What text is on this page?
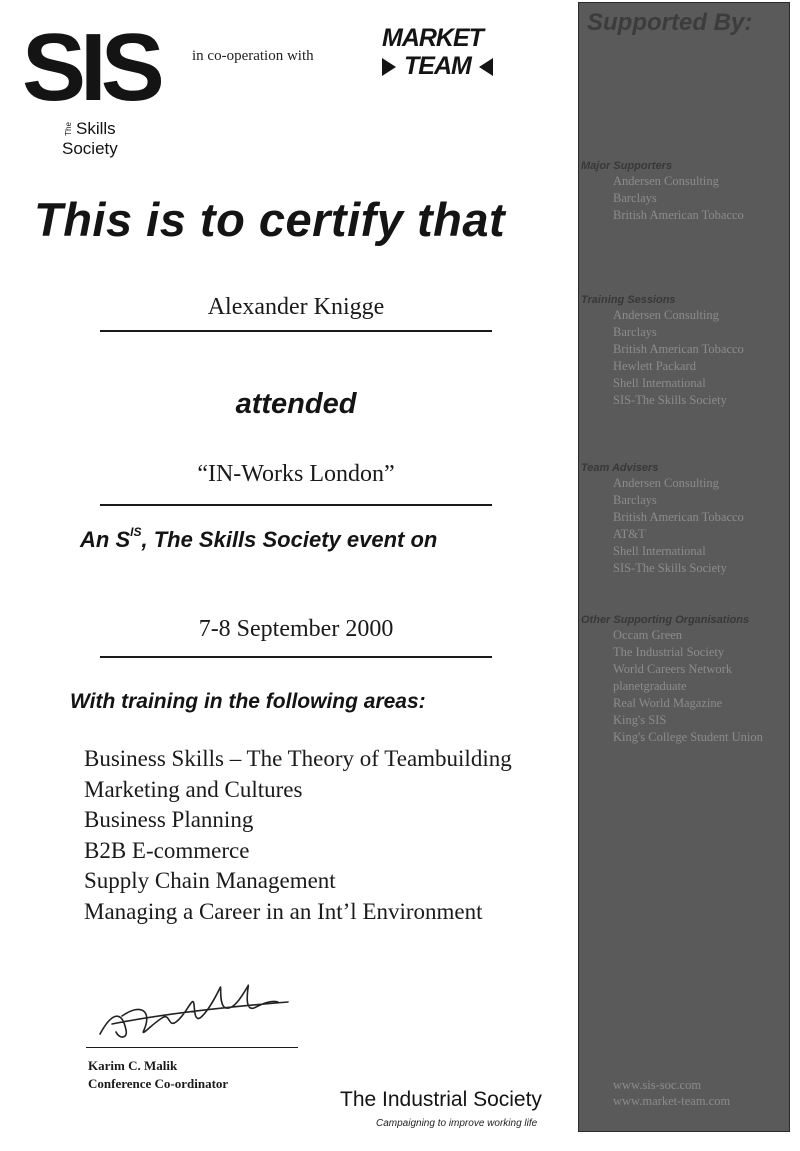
SIS
The Skills
Society
in co-operation with
MARKET
TEAM
This is to certify that
Alexander Knigge
attended
“IN-Works London”
An $S^{IS}$, The Skills Society event on
7-8 September 2000
With training in the following areas:
Business Skills – The Theory of Teambuilding
Marketing and Cultures
Business Planning
B2B E-commerce
Supply Chain Management
Managing a Career in an Int’l Environment
Karim C. Malik
Conference Co-ordinator
The Industrial Society
Campaigning to improve working life
Supported By:
Major Supporters
Andersen Consulting
Barclays
British American Tobacco
Training Sessions
Andersen Consulting
Barclays
British American Tobacco
Hewlett Packard
Shell International
SIS-The Skills Society
Team Advisers
Andersen Consulting
Barclays
British American Tobacco
AT&T
Shell International
SIS-The Skills Society
Other Supporting Organisations
Occam Green
The Industrial Society
World Careers Network
planetgraduate
Real World Magazine
King's SIS
King's College Student Union
www.sis-soc.com
www.market-team.com
